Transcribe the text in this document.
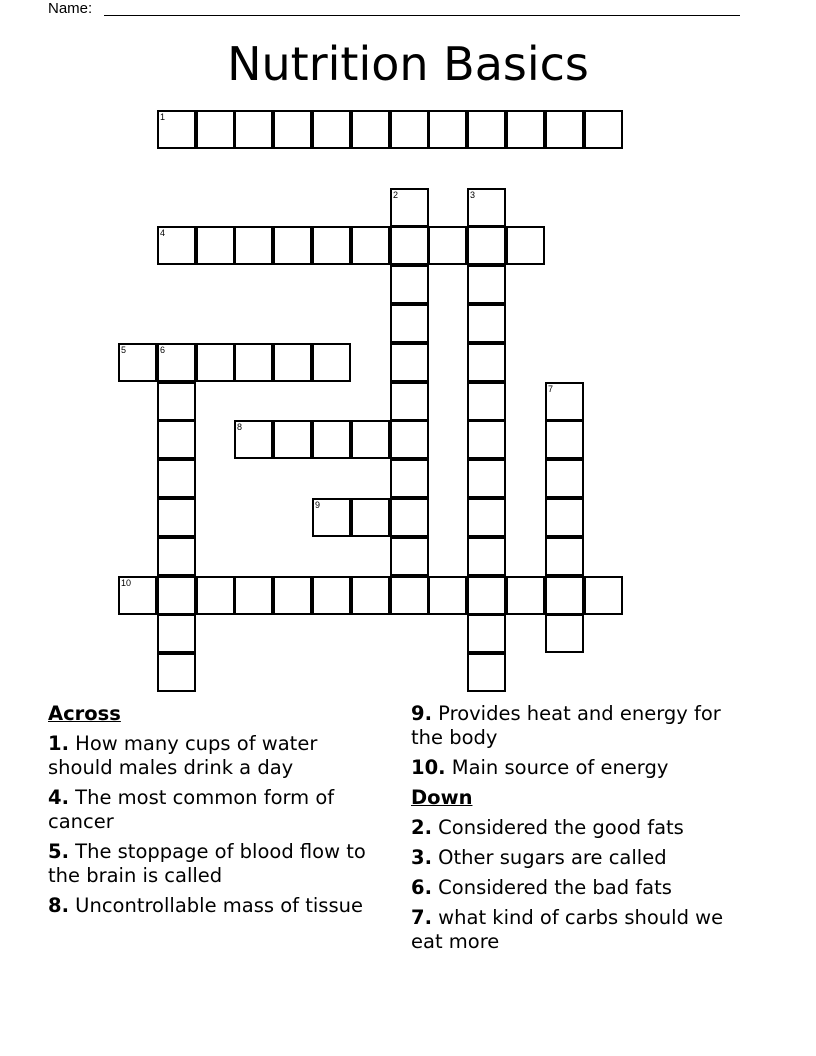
Name:
Nutrition Basics
1
2	3
4
5	6
7
8
9
10
Across
1. How many cups of water should males drink a day
4. The most common form of cancer
5. The stoppage of blood flow to the brain is called
8. Uncontrollable mass of tissue
9. Provides heat and energy for the body
10. Main source of energy
Down
2. Considered the good fats
3. Other sugars are called
6. Considered the bad fats
7. what kind of carbs should we eat more
